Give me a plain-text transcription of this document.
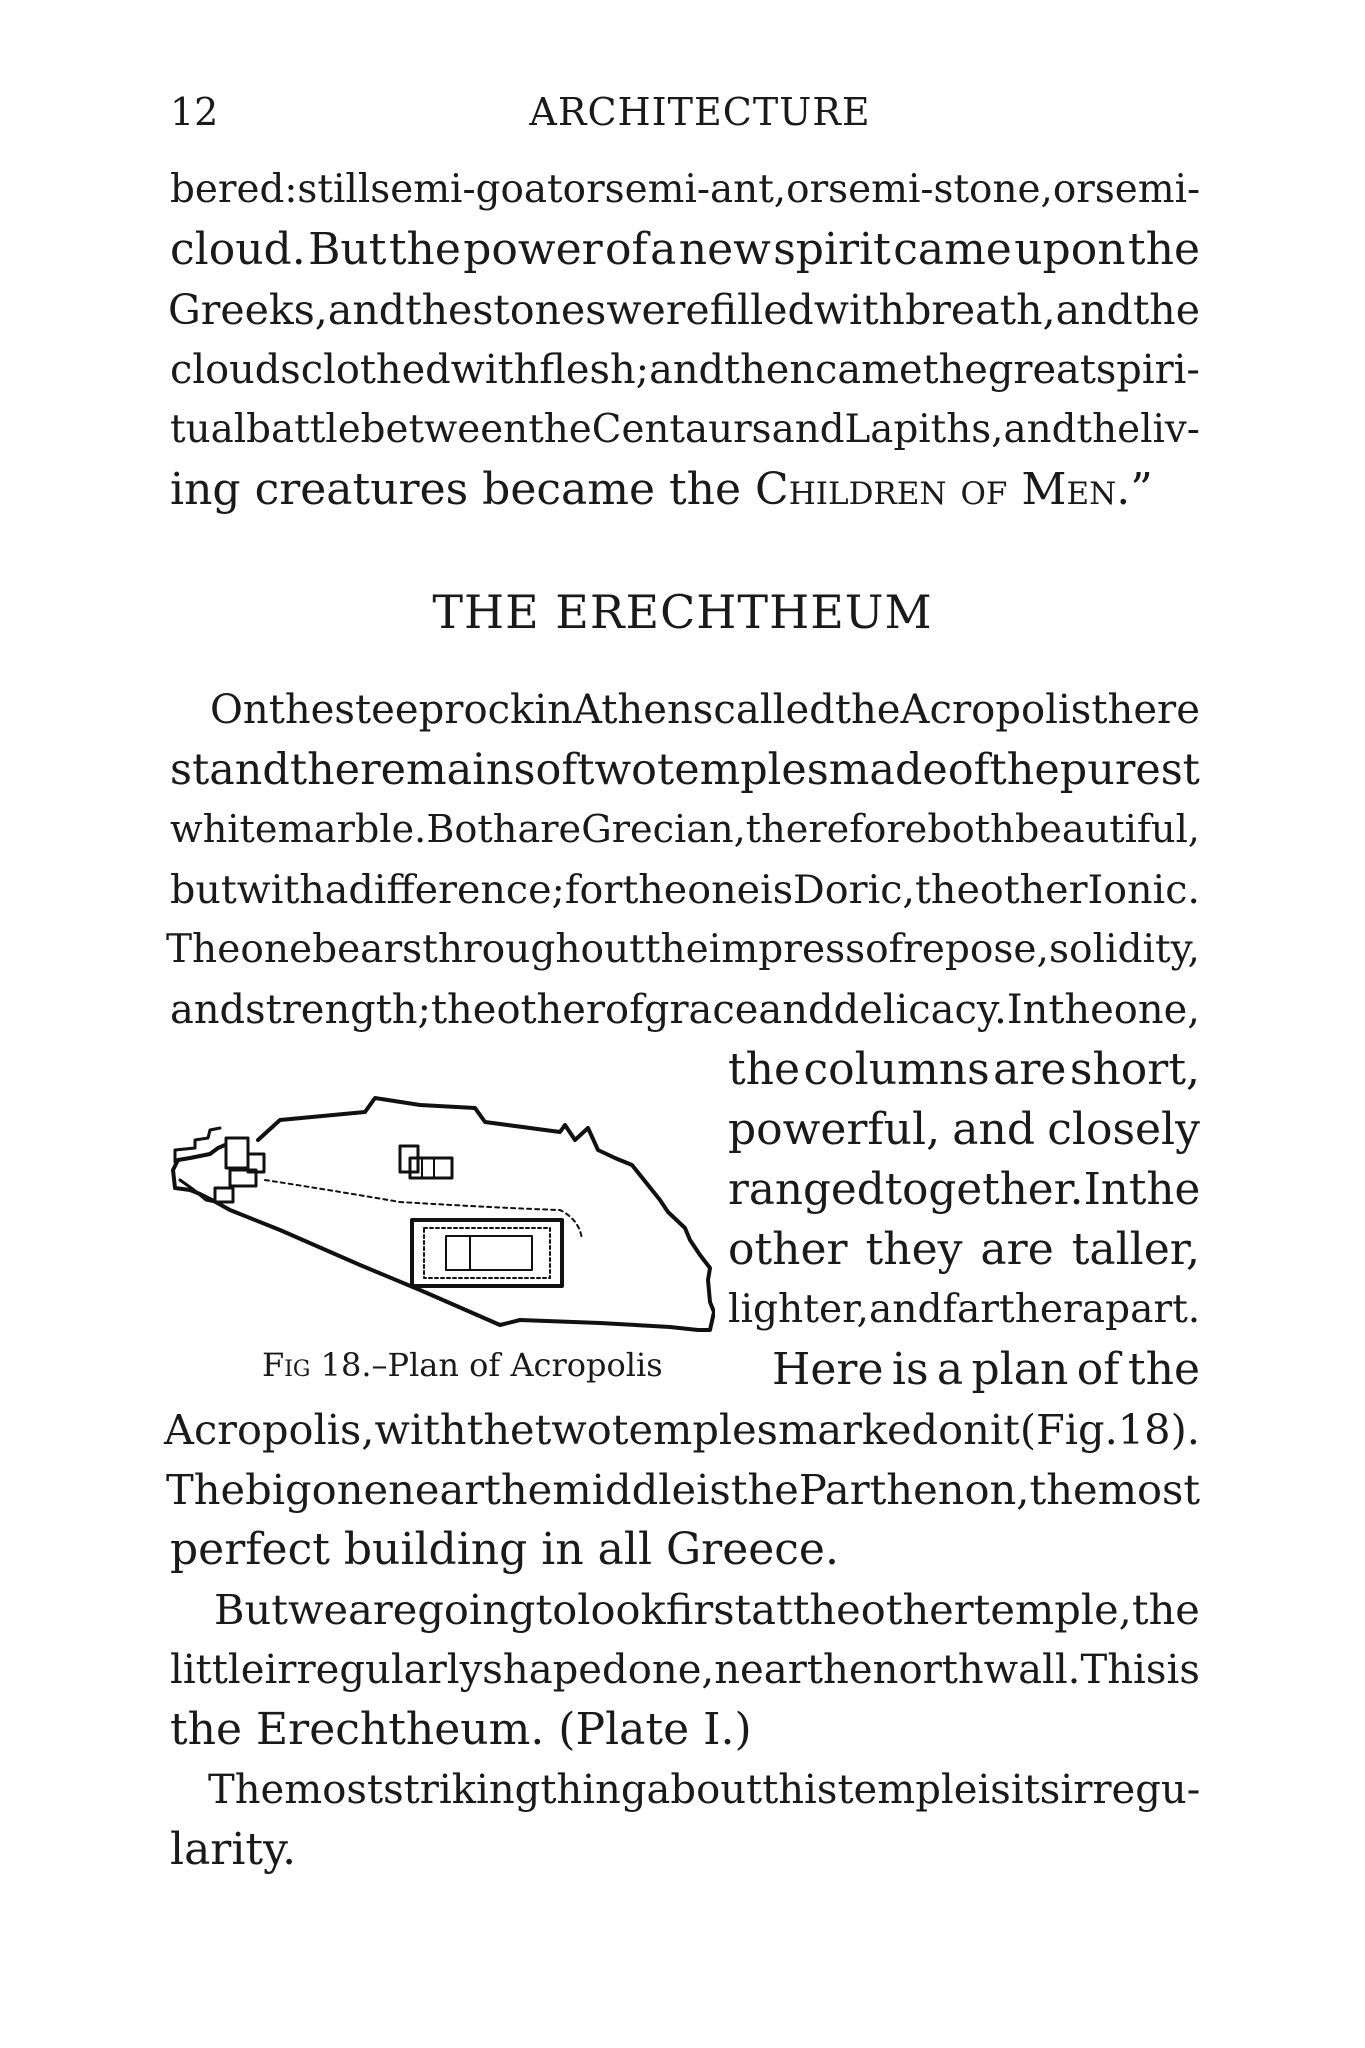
12	ARCHITECTURE
bered: still semi-goat or semi-ant, or semi-stone, or semi-
cloud. But the power of a new spirit came upon the
Greeks, and the stones were filled with breath, and the
clouds clothed with flesh; and then came the great spiri-
tual battle between the Centaurs and Lapiths, and the liv-
ing creatures became the Children of Men .”
THE ERECHTHEUM
On the steep rock in Athens called the Acropolis there
stand the remains of two temples made of the purest
white marble. Both are Grecian, therefore both beautiful,
but with a difference; for the one is Doric, the other Ionic.
The one bears throughout the impress of repose, solidity,
and strength; the other of grace and delicacy. In the one,
the columns are short,
powerful, and closely
ranged together. In the
other they are taller,
lighter, and farther apart.
Here is a plan of the
Acropolis, with the two temples marked on it (Fig. 18).
The big one near the middle is the Parthenon, the most
perfect building in all Greece.
But we are going to look first at the other temple, the
little irregularly shaped one, near the north wall. This is
the Erechtheum. (Plate I.)
The most striking thing about this temple is its irregu-
larity.
Fig 18.–Plan of Acropolis
